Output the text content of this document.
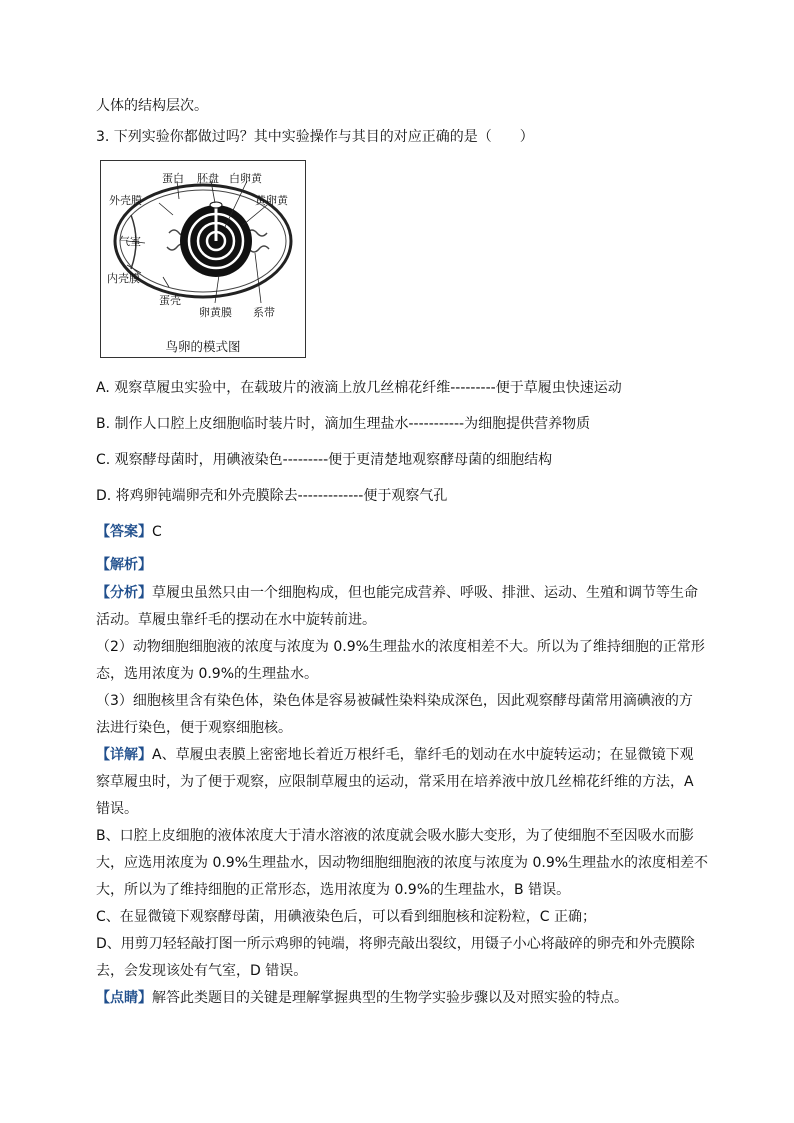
人体的结构层次。
3. 下列实验你都做过吗？其中实验操作与其目的对应正确的是（　　）
蛋白 胚盘 白卵黄
外壳膜	黄卵黄
气室
内壳膜
蛋壳
卵黄膜 系带
鸟卵的模式图
A. 观察草履虫实验中，在载玻片的液滴上放几丝棉花纤维---------便于草履虫快速运动
B. 制作人口腔上皮细胞临时装片时，滴加生理盐水-----------为细胞提供营养物质
C. 观察酵母菌时，用碘液染色---------便于更清楚地观察酵母菌的细胞结构
D. 将鸡卵钝端卵壳和外壳膜除去-------------便于观察气孔
【答案】C
【解析】
【分析】草履虫虽然只由一个细胞构成，但也能完成营养、呼吸、排泄、运动、生殖和调节等生命
活动。草履虫靠纤毛的摆动在水中旋转前进。
（2）动物细胞细胞液的浓度与浓度为 0.9%生理盐水的浓度相差不大。所以为了维持细胞的正常形
态，选用浓度为 0.9%的生理盐水。
（3）细胞核里含有染色体，染色体是容易被碱性染料染成深色，因此观察酵母菌常用滴碘液的方
法进行染色，便于观察细胞核。
【详解】A、草履虫表膜上密密地长着近万根纤毛，靠纤毛的划动在水中旋转运动；在显微镜下观
察草履虫时，为了便于观察，应限制草履虫的运动，常采用在培养液中放几丝棉花纤维的方法，A
错误。
B、口腔上皮细胞的液体浓度大于清水溶液的浓度就会吸水膨大变形，为了使细胞不至因吸水而膨
大，应选用浓度为 0.9%生理盐水，因动物细胞细胞液的浓度与浓度为 0.9%生理盐水的浓度相差不
大，所以为了维持细胞的正常形态，选用浓度为 0.9%的生理盐水，B 错误。
C、在显微镜下观察酵母菌，用碘液染色后，可以看到细胞核和淀粉粒，C 正确；
D、用剪刀轻轻敲打图一所示鸡卵的钝端，将卵壳敲出裂纹，用镊子小心将敲碎的卵壳和外壳膜除
去，会发现该处有气室，D 错误。
【点睛】解答此类题目的关键是理解掌握典型的生物学实验步骤以及对照实验的特点。
